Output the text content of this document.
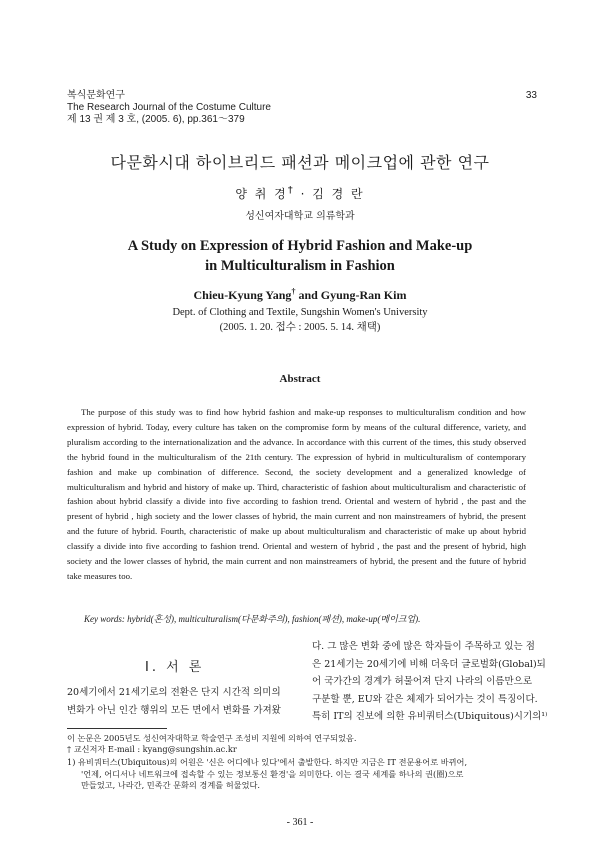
복식문화연구
The Research Journal of the Costume Culture
제 13 권 제 3 호, (2005. 6), pp.361～379
33
다문화시대 하이브리드 패션과 메이크업에 관한 연구
양 취 경† · 김 경 란
성신여자대학교 의류학과
A Study on Expression of Hybrid Fashion and Make-up
in Multiculturalism in Fashion
Chieu-Kyung Yang† and Gyung-Ran Kim
Dept. of Clothing and Textile, Sungshin Women's University
(2005. 1. 20. 접수 : 2005. 5. 14. 채택)
Abstract

The purpose of this study was to find how hybrid fashion and make-up responses to multiculturalism condition and how expression of hybrid. Today, every culture has taken on the compromise form by means of the cultural difference, variety, and pluralism according to the internationalization and the advance. In accordance with this current of the times, this study observed the hybrid found in the multiculturalism of the 21th century. The expression of hybrid in multiculturalism of contemporary fashion and make up combination of difference. Second, the society development and a generalized knowledge of multiculturalism and hybrid and history of make up. Third, characteristic of fashion about multiculturalism and characteristic of fashion about hybrid classify a divide into five according to fashion trend. Oriental and western of hybrid , the past and the present of hybrid , high society and the lower classes of hybrid, the main current and non mainstreamers of hybrid, the present and the future of hybrid. Fourth, characteristic of make up about multiculturalism and characteristic of make up about hybrid classify a divide into five according to fashion trend. Oriental and western of hybrid , the past and the present of hybrid, high society and the lower classes of hybrid, the main current and non mainstreamers of hybrid, the present and the future of hybrid take measures too.

Key words: hybrid(혼성), multiculturalism(다문화주의), fashion(패션), make-up(메이크업).
Ⅰ. 서 론
20세기에서 21세기로의 전환은 단지 시간적 의미의
변화가 아닌 인간 행위의 모든 면에서 변화를 가져왔
다. 그 많은 변화 중에 많은 학자들이 주목하고 있는 점
은 21세기는 20세기에 비해 더욱더 글로벌화(Global)되
어 국가간의 경계가 허물어져 단지 나라의 이름만으로
구분할 뿐, EU와 같은 체제가 되어가는 것이 특징이다.
특히 IT의 진보에 의한 유비쿼터스(Ubiquitous)시기의¹⁾
이 논문은 2005년도 성신여자대학교 학술연구 조성비 지원에 의하여 연구되었음.
† 교신저자 E-mail : kyang@sungshin.ac.kr
1) 유비쿼터스(Ubiquitous)의 어원은 '신은 어디에나 있다'에서 출발한다. 하지만 지금은 IT 전문용어로 바뀌어,
'언제, 어디서나 네트워크에 접속할 수 있는 정보통신 환경'을 의미한다. 이는 결국 세계를 하나의 권(圈)으로
만들었고, 나라간, 민족간 문화의 경계를 허물었다.
- 361 -
